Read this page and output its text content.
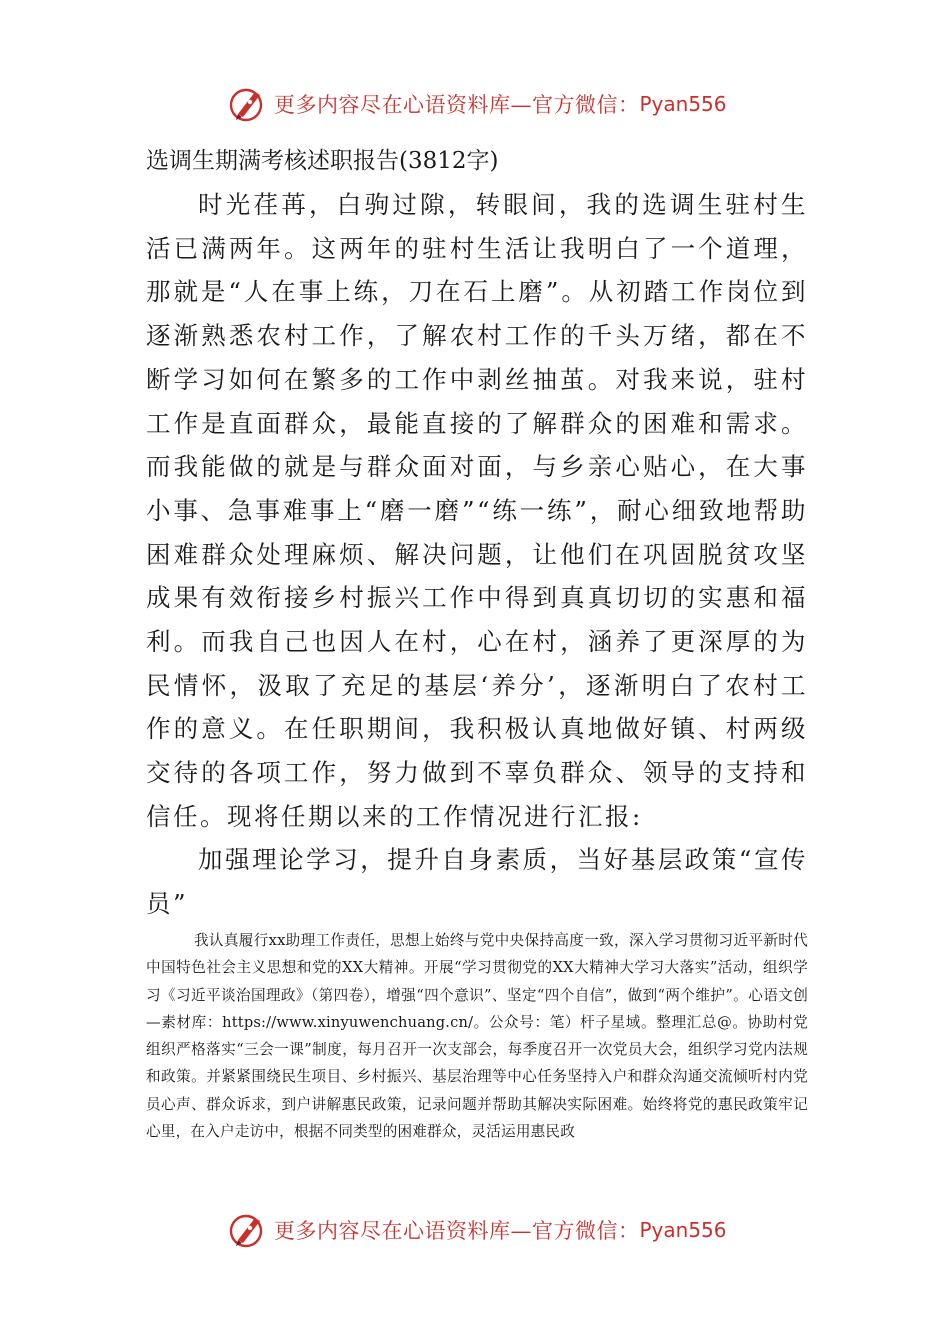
更多内容尽在心语资料库—官方微信： Pyan556
选调生期满考核述职报告(3812字)

时光荏苒，白驹过隙，转眼间，我的选调生驻村生活已满两年。这两年的驻村生活让我明白了一个道理，那就是“人在事上练，刀在石上磨”。从初踏工作岗位到逐渐熟悉农村工作，了解农村工作的千头万绪，都在不断学习如何在繁多的工作中剥丝抽茧。对我来说，驻村工作是直面群众，最能直接的了解群众的困难和需求。而我能做的就是与群众面对面，与乡亲心贴心，在大事小事、急事难事上“磨一磨”“练一练”，耐心细致地帮助困难群众处理麻烦、解决问题，让他们在巩固脱贫攻坚成果有效衔接乡村振兴工作中得到真真切切的实惠和福利。而我自己也因人在村，心在村，涵养了更深厚的为民情怀，汲取了充足的基层‘养分’，逐渐明白了农村工作的意义。在任职期间，我积极认真地做好镇、村两级交待的各项工作，努力做到不辜负群众、领导的支持和信任。现将任期以来的工作情况进行汇报:

加强理论学习，提升自身素质，当好基层政策“宣传员”

我认真履行xx助理工作责任，思想上始终与党中央保持高度一致，深入学习贯彻习近平新时代中国特色社会主义思想和党的XX大精神。开展“学习贯彻党的XX大精神大学习大落实”活动，组织学习《习近平谈治国理政》（第四卷），增强“四个意识”、坚定“四个自信”，做到“两个维护”。心语文创—素材库：https://www.xinyuwenchuang.cn/。公众号：笔）杆子星域。整理汇总@。协助村党组织严格落实“三会一课”制度，每月召开一次支部会，每季度召开一次党员大会，组织学习党内法规和政策。并紧紧围绕民生项目、乡村振兴、基层治理等中心任务坚持入户和群众沟通交流倾听村内党员心声、群众诉求，到户讲解惠民政策，记录问题并帮助其解决实际困难。始终将党的惠民政策牢记心里，在入户走访中，根据不同类型的困难群众，灵活运用惠民政

更多内容尽在心语资料库—官方微信： Pyan556
